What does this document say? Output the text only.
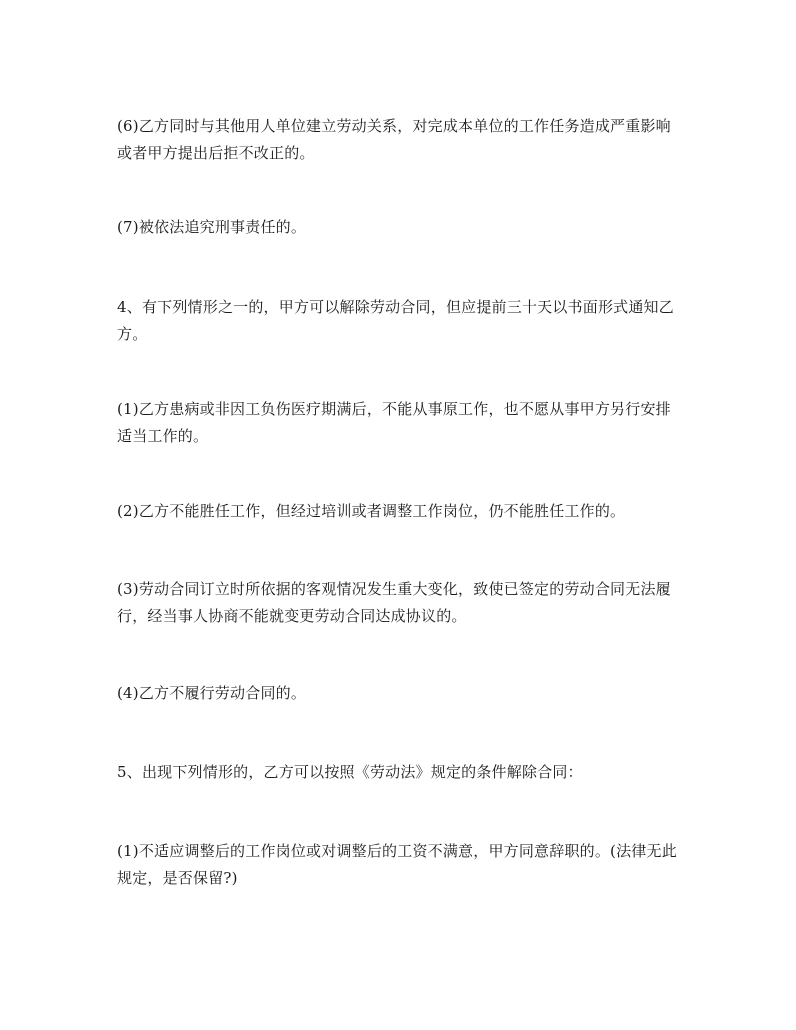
(6)乙方同时与其他用人单位建立劳动关系，对完成本单位的工作任务造成严重影响或者甲方提出后拒不改正的。

(7)被依法追究刑事责任的。

4、有下列情形之一的，甲方可以解除劳动合同，但应提前三十天以书面形式通知乙方。

(1)乙方患病或非因工负伤医疗期满后，不能从事原工作，也不愿从事甲方另行安排适当工作的。

(2)乙方不能胜任工作，但经过培训或者调整工作岗位，仍不能胜任工作的。

(3)劳动合同订立时所依据的客观情况发生重大变化，致使已签定的劳动合同无法履行，经当事人协商不能就变更劳动合同达成协议的。

(4)乙方不履行劳动合同的。

5、出现下列情形的，乙方可以按照《劳动法》规定的条件解除合同：

(1)不适应调整后的工作岗位或对调整后的工资不满意，甲方同意辞职的。(法律无此规定，是否保留?)
